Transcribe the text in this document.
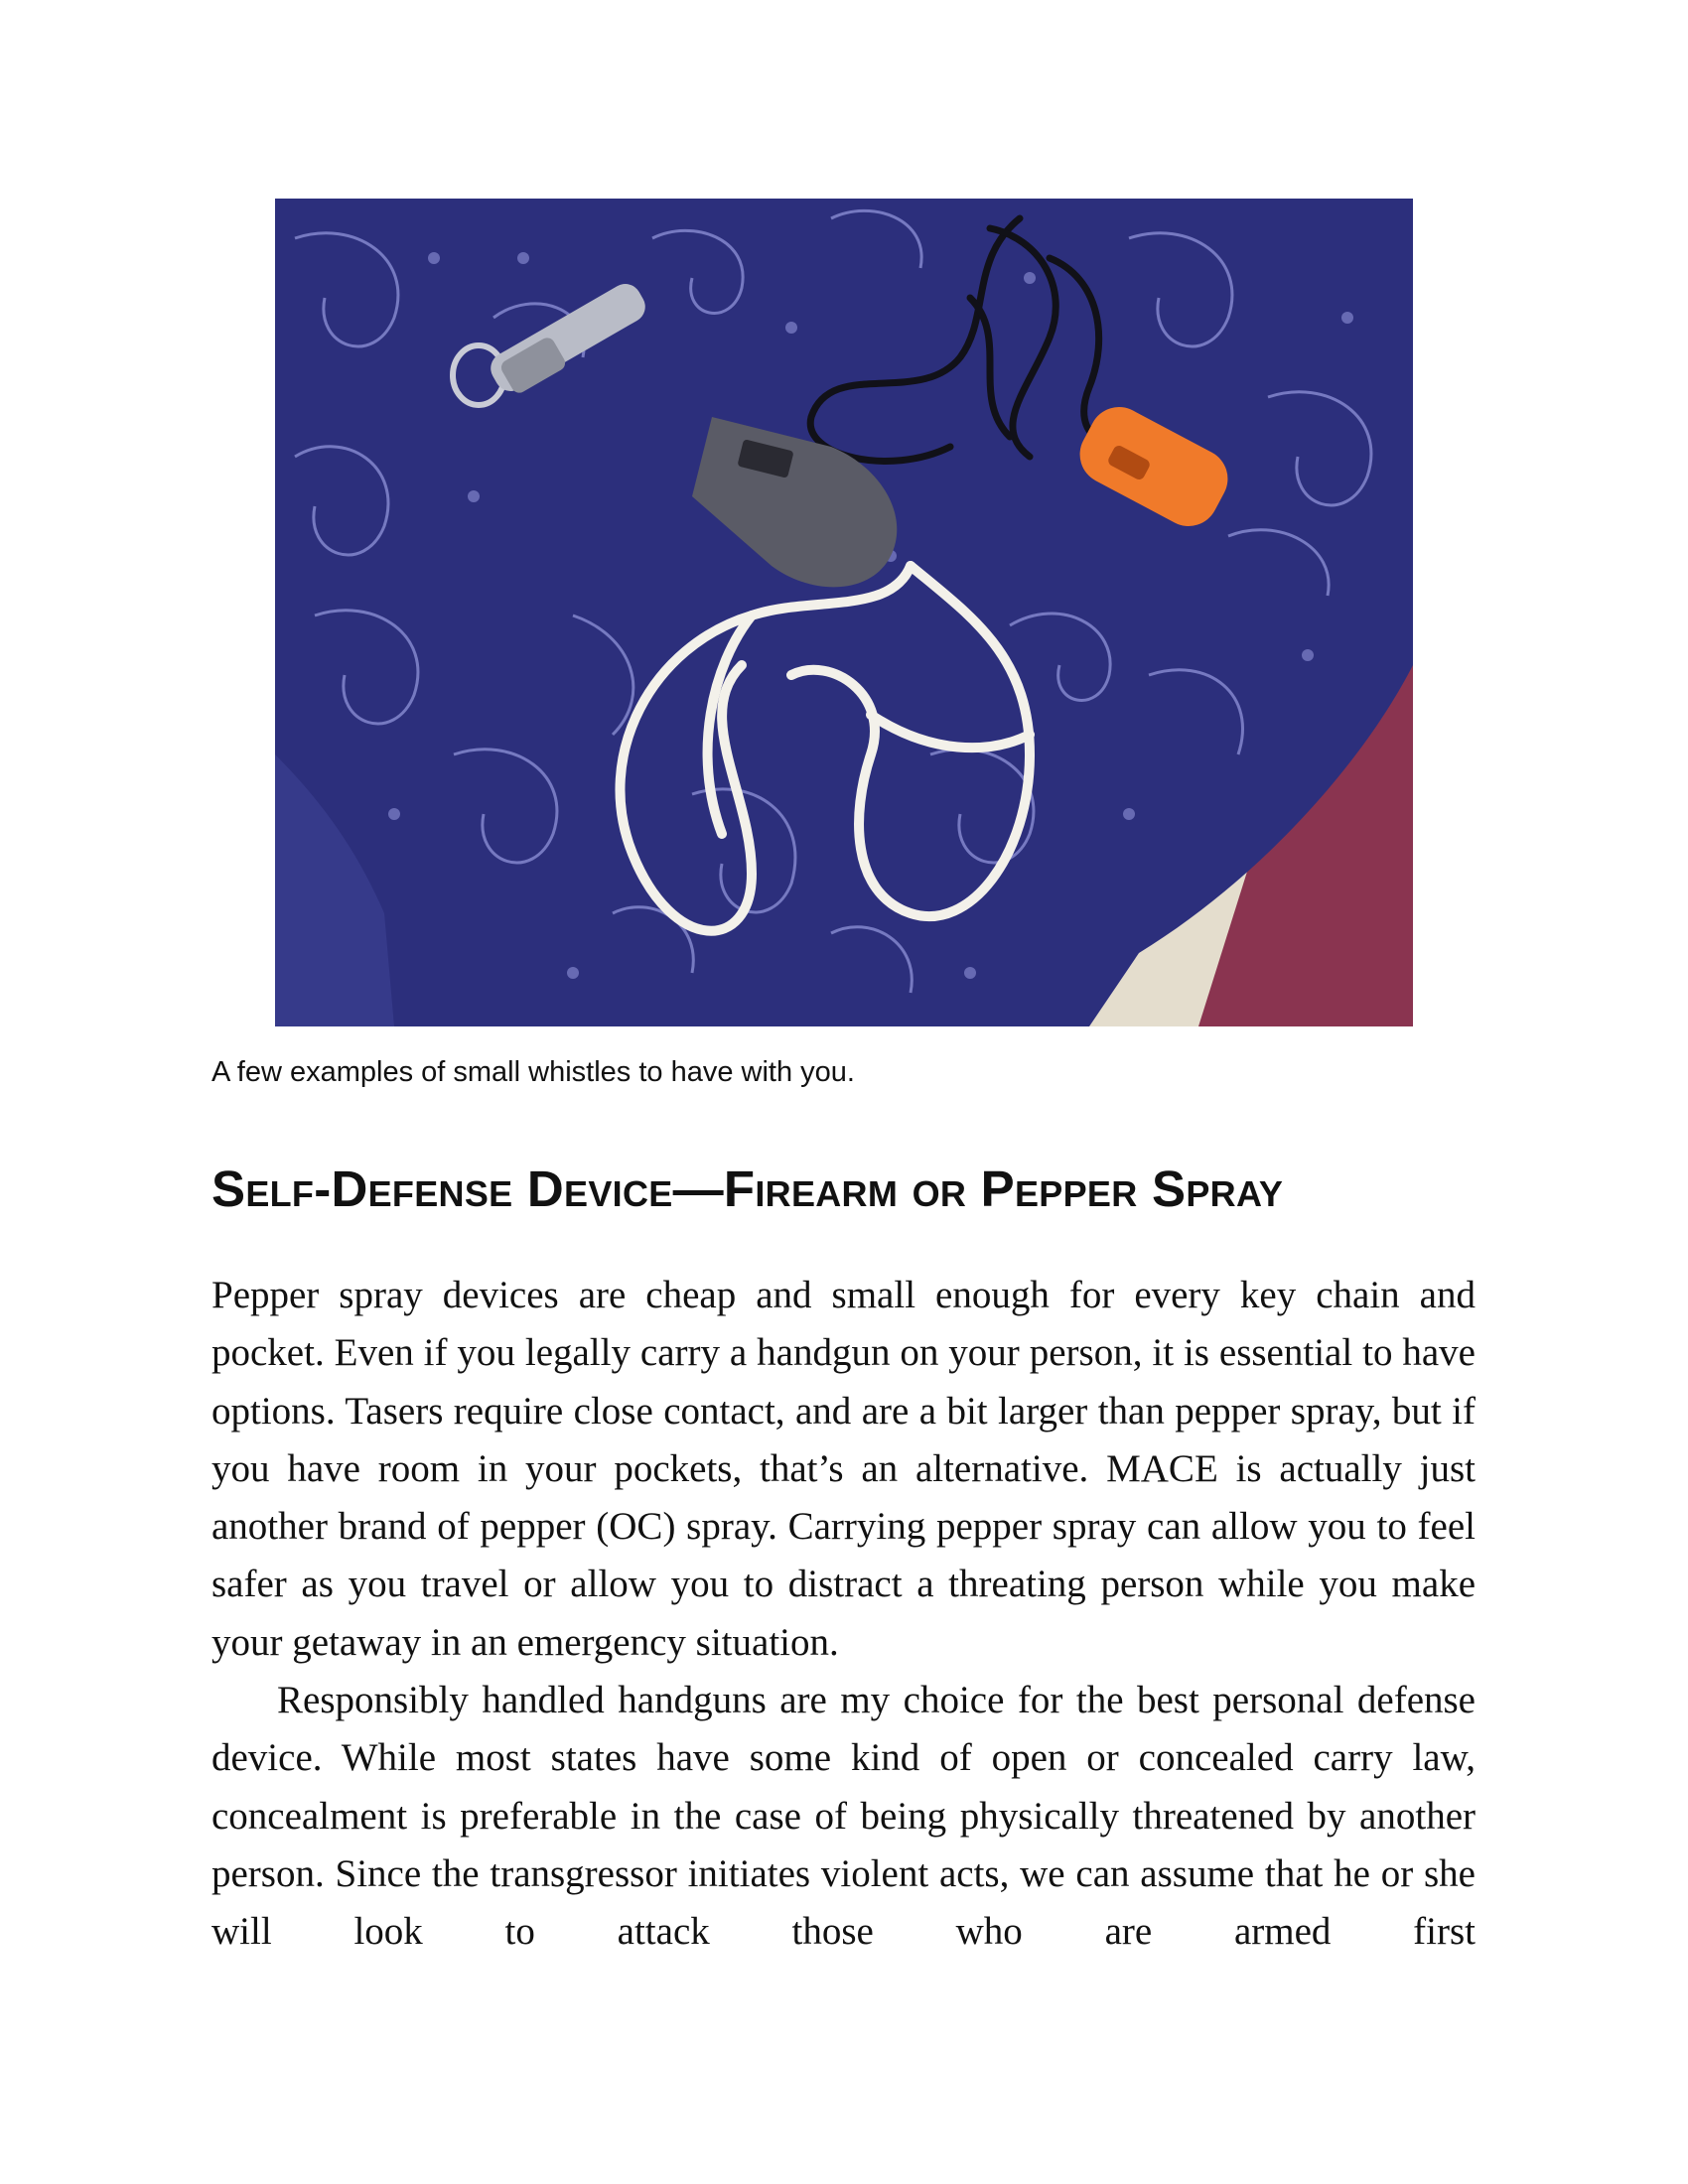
A few examples of small whistles to have with you.
Self-Defense Device—Firearm or Pepper Spray

Pepper spray devices are cheap and small enough for every key chain and pocket. Even if you legally carry a handgun on your person, it is essential to have options. Tasers require close contact, and are a bit larger than pepper spray, but if you have room in your pockets, that’s an alternative. MACE is actually just another brand of pepper (OC) spray. Carrying pepper spray can allow you to feel safer as you travel or allow you to distract a threating person while you make your getaway in an emergency situation.

Responsibly handled handguns are my choice for the best personal defense device. While most states have some kind of open or concealed carry law, concealment is preferable in the case of being physically threatened by another person. Since the transgressor initiates violent acts, we can assume that he or she will look to attack those who are armed first
